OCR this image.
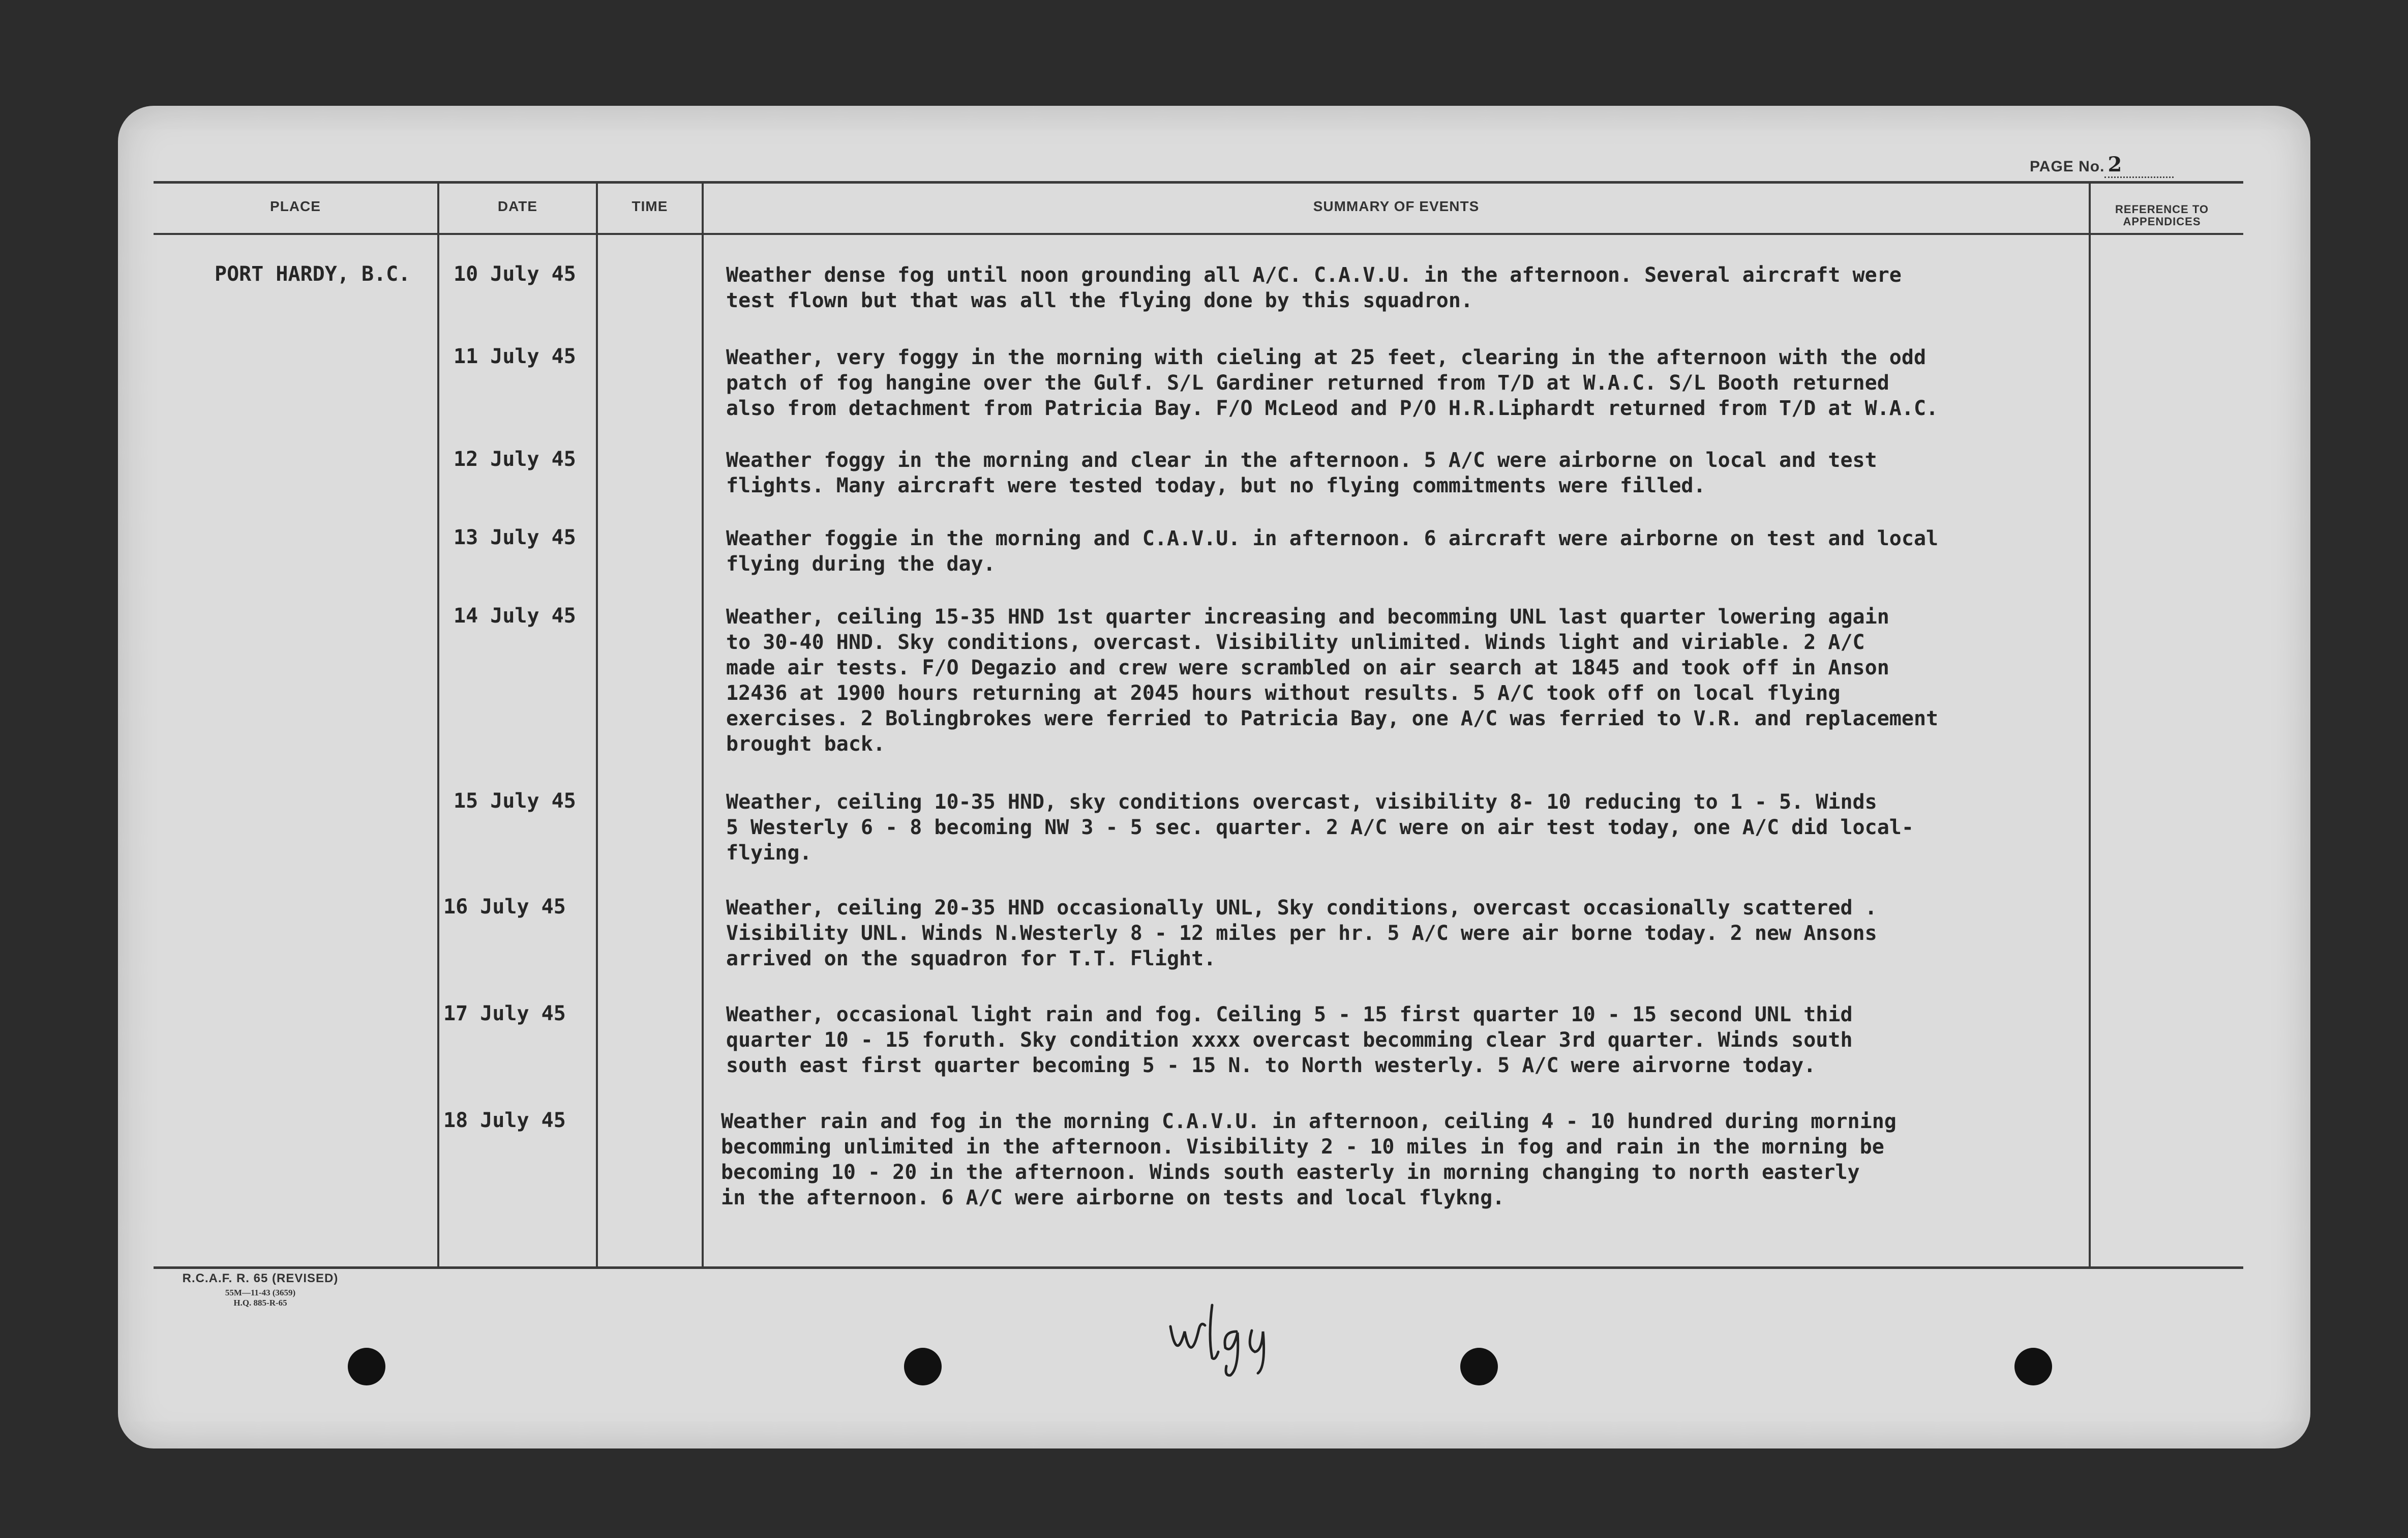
PAGE No. 2
PLACE	DATE	TIME	SUMMARY OF EVENTS	REFERENCE TO APPENDICES
PORT HARDY, B.C.	10 July 45	Weather dense fog until noon grounding all A/C. C.A.V.U. in the afternoon. Several aircraft were
test flown but that was all the flying done by this squadron.
11 July 45	Weather, very foggy in the morning with cieling at 25 feet, clearing in the afternoon with the odd
patch of fog hangine over the Gulf. S/L Gardiner returned from T/D at W.A.C. S/L Booth returned
also from detachment from Patricia Bay. F/O McLeod and P/O H.R.Liphardt returned from T/D at W.A.C.
12 July 45	Weather foggy in the morning and clear in the afternoon. 5 A/C were airborne on local and test
flights. Many aircraft were tested today, but no flying commitments were filled.
13 July 45	Weather foggie in the morning and C.A.V.U. in afternoon. 6 aircraft were airborne on test and local
flying during the day.
14 July 45	Weather, ceiling 15-35 HND 1st quarter increasing and becomming UNL last quarter lowering again
to 30-40 HND. Sky conditions, overcast. Visibility unlimited. Winds light and viriable. 2 A/C
made air tests. F/O Degazio and crew were scrambled on air search at 1845 and took off in Anson
12436 at 1900 hours returning at 2045 hours without results. 5 A/C took off on local flying
exercises. 2 Bolingbrokes were ferried to Patricia Bay, one A/C was ferried to V.R. and replacement
brought back.
15 July 45	Weather, ceiling 10-35 HND, sky conditions overcast, visibility 8- 10 reducing to 1 - 5. Winds
5 Westerly 6 - 8 becoming NW 3 - 5 sec. quarter. 2 A/C were on air test today, one A/C did local-
flying.
16 July 45	Weather, ceiling 20-35 HND occasionally UNL, Sky conditions, overcast occasionally scattered .
Visibility UNL. Winds N.Westerly 8 - 12 miles per hr. 5 A/C were air borne today. 2 new Ansons
arrived on the squadron for T.T. Flight.
17 July 45	Weather, occasional light rain and fog. Ceiling 5 - 15 first quarter 10 - 15 second UNL thid
quarter 10 - 15 foruth. Sky condition xxxx overcast becomming clear 3rd quarter. Winds south
south east first quarter becoming 5 - 15 N. to North westerly. 5 A/C were airvorne today.
18 July 45	Weather rain and fog in the morning C.A.V.U. in afternoon, ceiling 4 - 10 hundred during morning
becomming unlimited in the afternoon. Visibility 2 - 10 miles in fog and rain in the morning be
becoming 10 - 20 in the afternoon. Winds south easterly in morning changing to north easterly
in the afternoon. 6 A/C were airborne on tests and local flykng.
R.C.A.F. R. 65 (REVISED)
55M—11-43 (3659)
H.Q. 885-R-65
